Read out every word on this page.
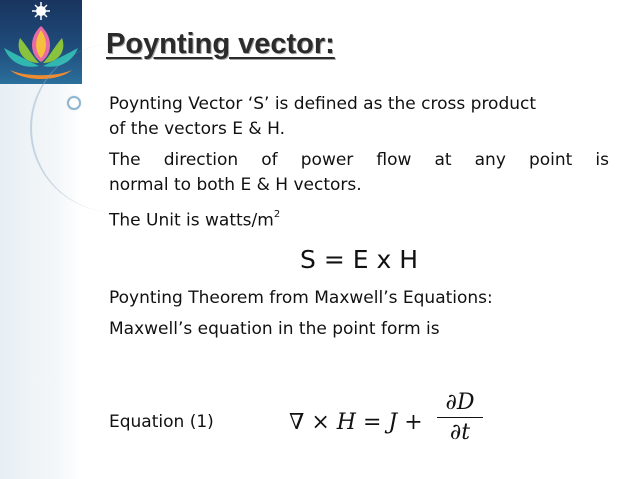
Poynting vector:

Poynting Vector ‘S’ is defined as the cross product
of the vectors E & H.

The direction of power flow at any point is
normal to both E & H vectors.

The Unit is watts/$m^2$

S = E x H

Poynting Theorem from Maxwell’s Equations:

Maxwell’s equation in the point form is

Equation (1)	∇ × H = J +
∂D
∂t
